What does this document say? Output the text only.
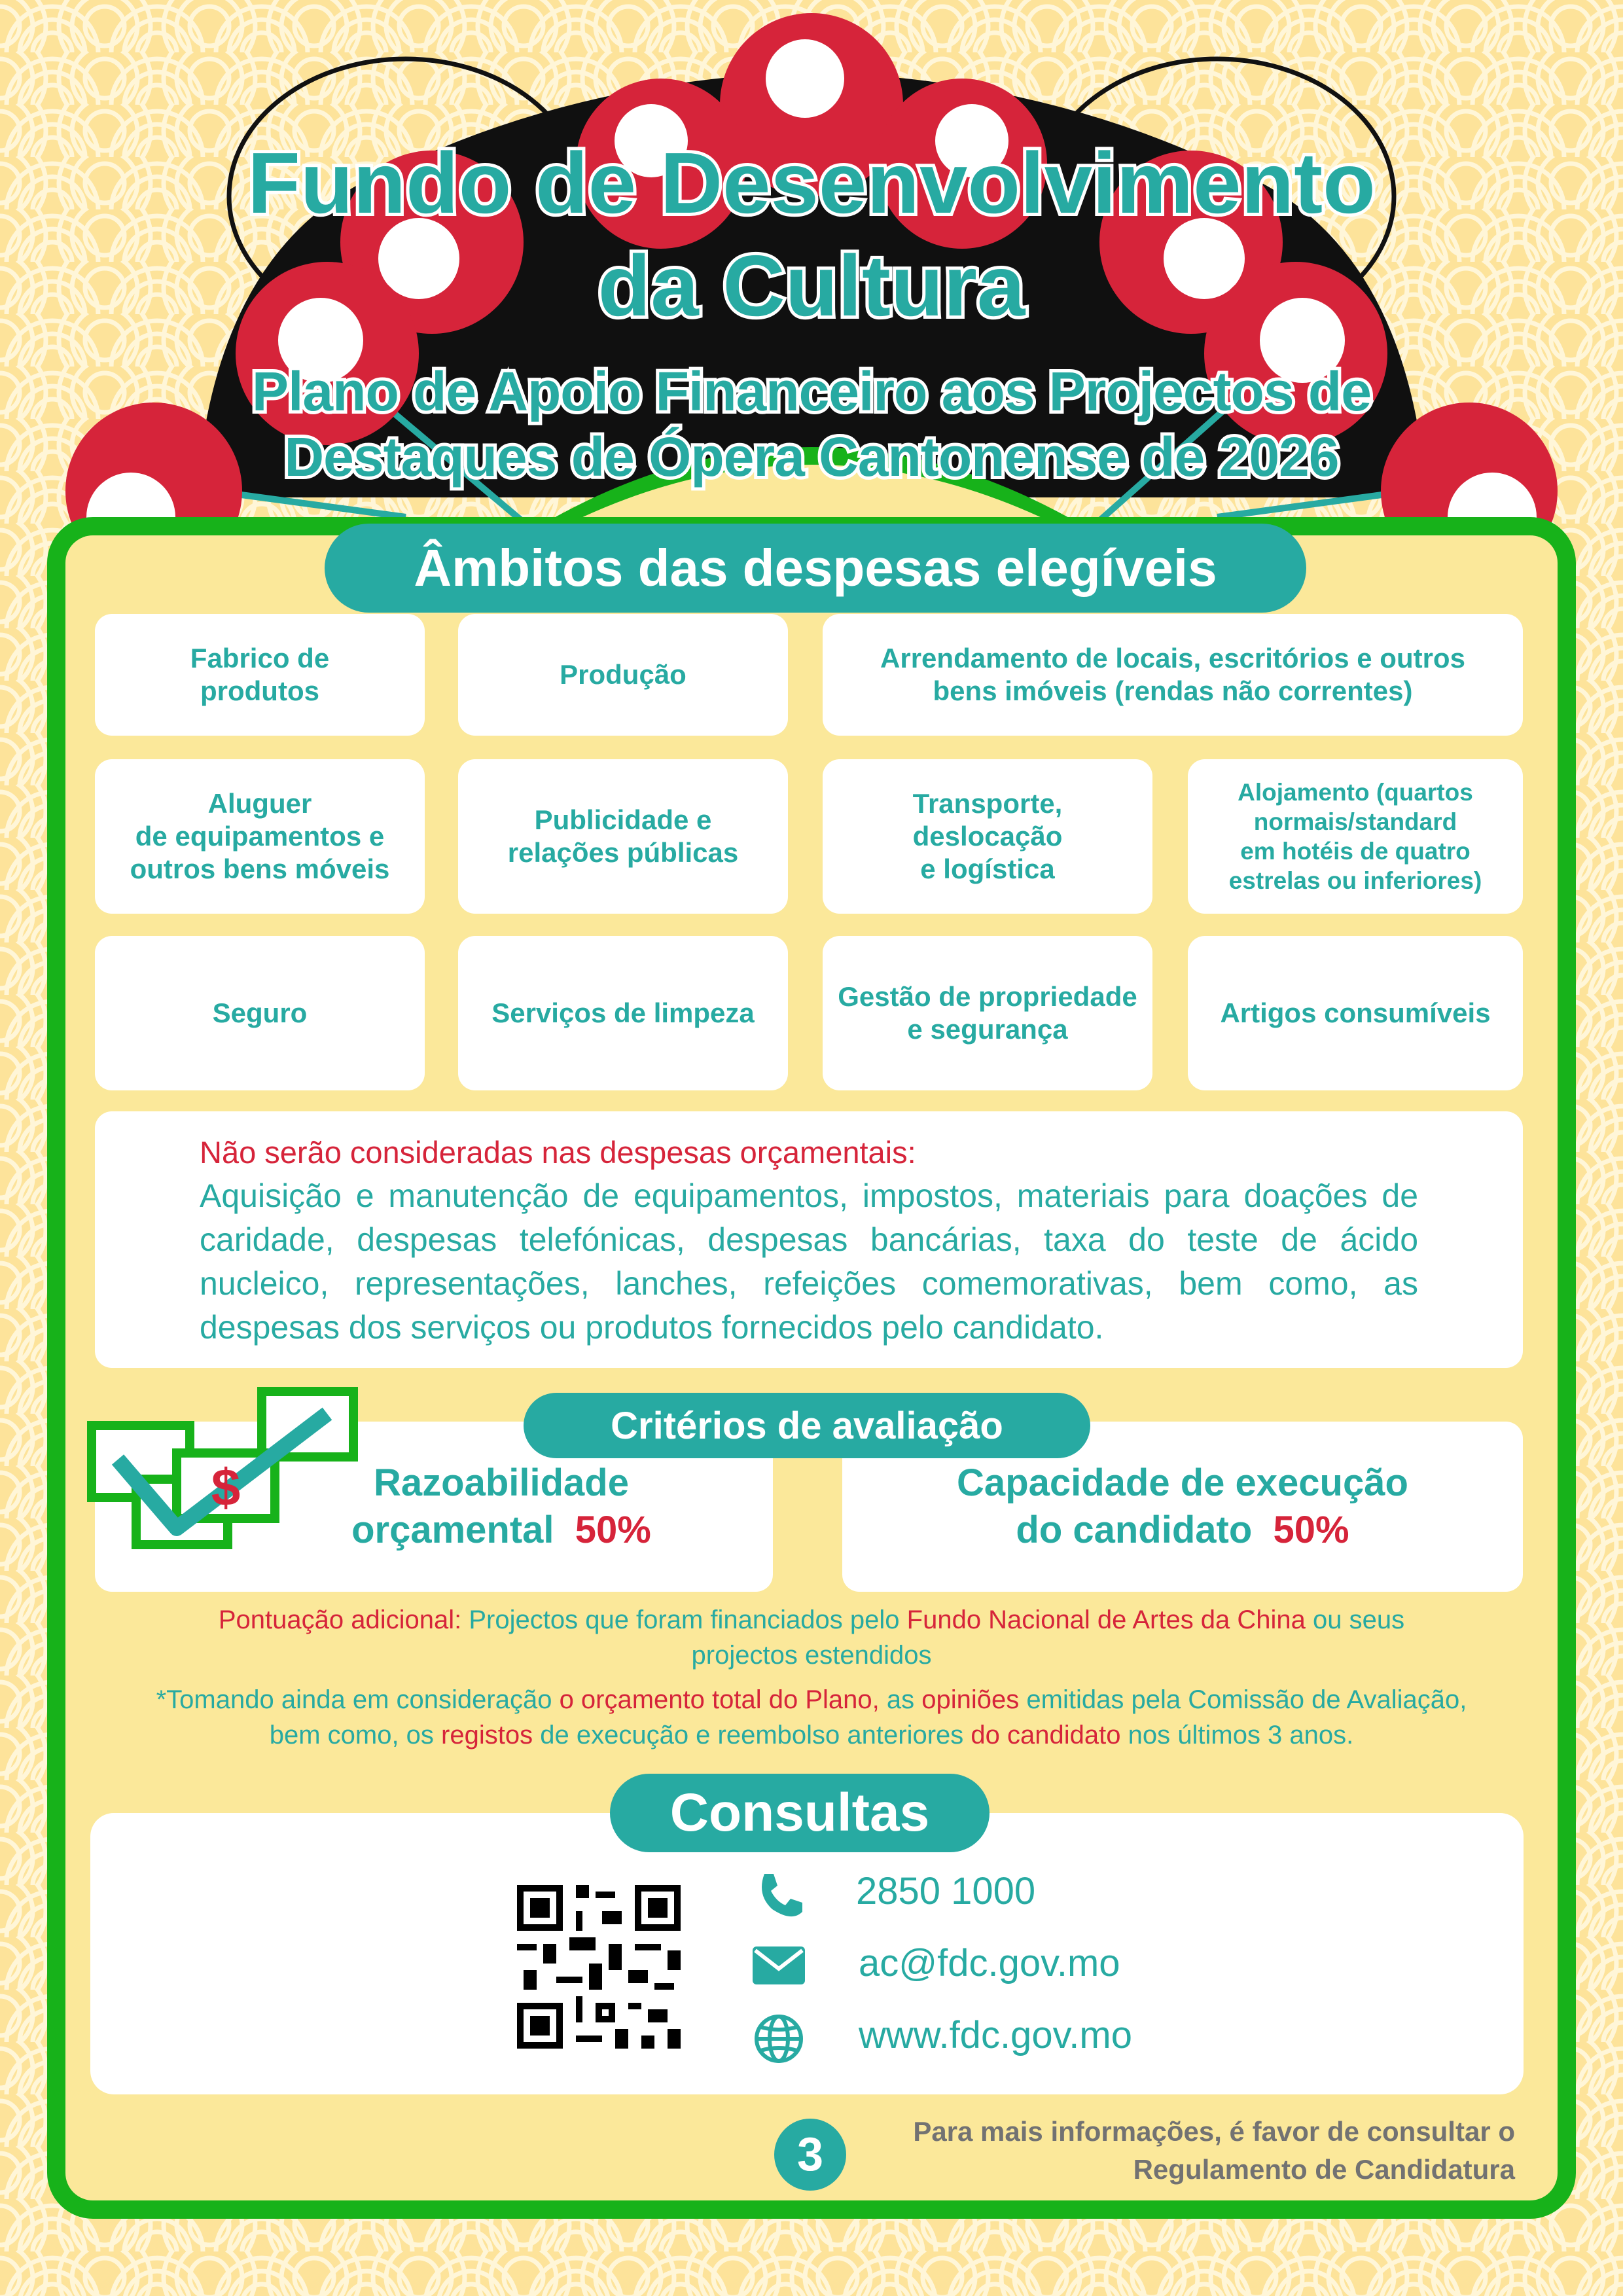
Fundo de Desenvolvimento
da Cultura
Plano de Apoio Financeiro aos Projectos de
Destaques de Ópera Cantonense de 2026
Âmbitos das despesas elegíveis
Fabrico de
produtos
Produção
Arrendamento de locais, escritórios e outros
bens imóveis (rendas não correntes)
Aluguer
de equipamentos e
outros bens móveis
Publicidade e
relações públicas
Transporte,
deslocação
e logística
Alojamento (quartos
normais/standard
em hotéis de quatro
estrelas ou inferiores)
Seguro	Serviços de limpeza
Gestão de propriedade
e segurança
Artigos consumíveis
Não serão consideradas nas despesas orçamentais:
Aquisição e manutenção de equipamentos, impostos, materiais para doações de caridade, despesas telefónicas, despesas bancárias, taxa do teste de ácido nucleico, representações, lanches, refeições comemorativas, bem como, as despesas dos serviços ou produtos fornecidos pelo candidato.
Razoabilidade
orçamental 50%
Capacidade de execução
do candidato 50%
Critérios de avaliação
$
Pontuação adicional: Projectos que foram financiados pelo Fundo Nacional de Artes da China ou seus
projectos estendidos
*Tomando ainda em consideração o orçamento total do Plano, as opiniões emitidas pela Comissão de Avaliação,
bem como, os registos de execução e reembolso anteriores do candidato nos últimos 3 anos.
Consultas
2850 1000
ac@fdc.gov.mo
www.fdc.gov.mo
3	Para mais informações, é favor de consultar o
Regulamento de Candidatura
